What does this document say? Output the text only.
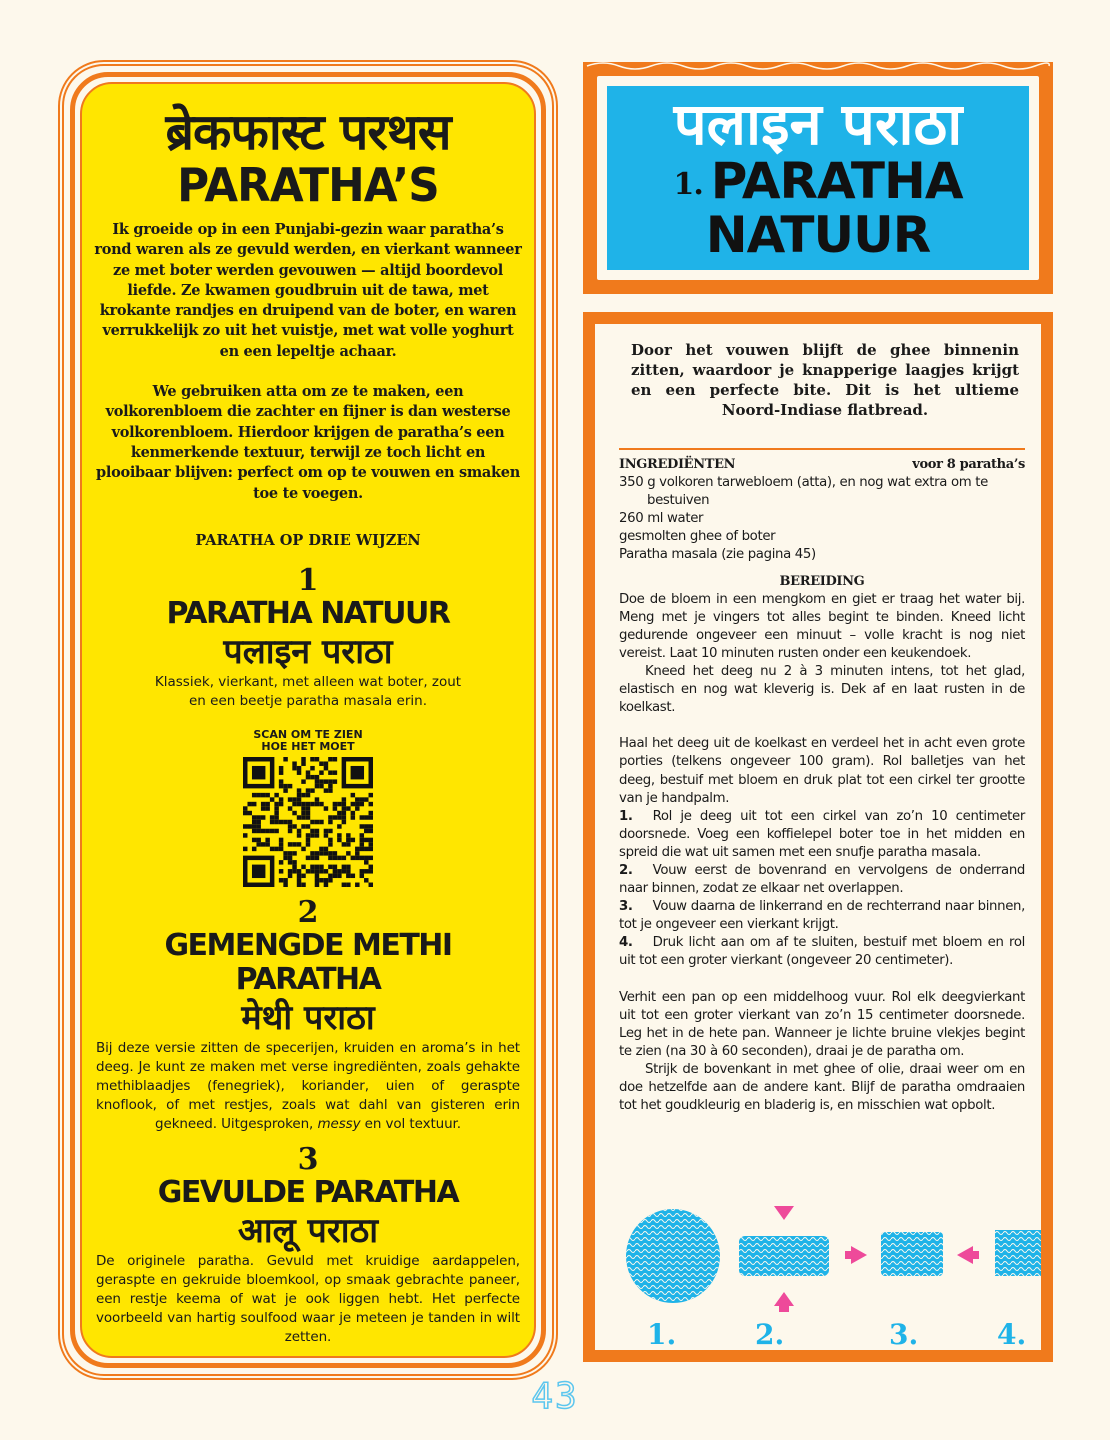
ब्रेकफास्ट परथस
PARATHA’S

Ik groeide op in een Punjabi-gezin waar paratha’s rond waren als ze gevuld werden, en vierkant wanneer ze met boter werden gevouwen — altijd boordevol liefde. Ze kwamen goudbruin uit de tawa, met krokante randjes en druipend van de boter, en waren verrukkelijk zo uit het vuistje, met wat volle yoghurt en een lepeltje achaar.

We gebruiken atta om ze te maken, een volkorenbloem die zachter en fijner is dan westerse volkorenbloem. Hierdoor krijgen de paratha’s een kenmerkende textuur, terwijl ze toch licht en plooibaar blijven: perfect om op te vouwen en smaken toe te voegen.

PARATHA OP DRIE WIJZEN
1
PARATHA NATUUR
पलाइन पराठा
Klassiek, vierkant, met alleen wat boter, zout en een beetje paratha masala erin.
SCAN OM TE ZIEN
HOE HET MOET
2
GEMENGDE METHI PARATHA
मेथी पराठा
Bij deze versie zitten de specerijen, kruiden en aroma’s in het deeg. Je kunt ze maken met verse ingrediënten, zoals gehakte methiblaadjes (fenegriek), koriander, uien of geraspte knoflook, of met restjes, zoals wat dahl van gisteren erin gekneed. Uitgesproken, messy en vol textuur.
3
GEVULDE PARATHA
आलू पराठा
De originele paratha. Gevuld met kruidige aardappelen, geraspte en gekruide bloemkool, op smaak gebrachte paneer, een restje keema of wat je ook liggen hebt. Het perfecte voorbeeld van hartig soulfood waar je meteen je tanden in wilt zetten.
पलाइन पराठा
1. PARATHA
NATUUR
Door het vouwen blijft de ghee binnenin zitten, waardoor je knapperige laagjes krijgt en een perfecte bite. Dit is het ultieme Noord-Indiase flatbread.
INGREDIËNTEN	voor 8 paratha’s
350 g volkoren tarwebloem (atta), en nog wat extra om te bestuiven
260 ml water
gesmolten ghee of boter
Paratha masala (zie pagina 45)
BEREIDING

Doe de bloem in een mengkom en giet er traag het water bij. Meng met je vingers tot alles begint te binden. Kneed licht gedurende ongeveer een minuut – volle kracht is nog niet vereist. Laat 10 minuten rusten onder een keukendoek.

Kneed het deeg nu 2 à 3 minuten intens, tot het glad, elastisch en nog wat kleverig is. Dek af en laat rusten in de koelkast.

Haal het deeg uit de koelkast en verdeel het in acht even grote porties (telkens ongeveer 100 gram). Rol balletjes van het deeg, bestuif met bloem en druk plat tot een cirkel ter grootte van je handpalm.

1. Rol je deeg uit tot een cirkel van zo’n 10 centimeter doorsnede. Voeg een koffielepel boter toe in het midden en spreid die wat uit samen met een snufje paratha masala.

2. Vouw eerst de bovenrand en vervolgens de onderrand naar binnen, zodat ze elkaar net overlappen.

3. Vouw daarna de linkerrand en de rechterrand naar binnen, tot je ongeveer een vierkant krijgt.

4. Druk licht aan om af te sluiten, bestuif met bloem en rol uit tot een groter vierkant (ongeveer 20 centimeter).

Verhit een pan op een middelhoog vuur. Rol elk deegvierkant uit tot een groter vierkant van zo’n 15 centimeter doorsnede. Leg het in de hete pan. Wanneer je lichte bruine vlekjes begint te zien (na 30 à 60 seconden), draai je de paratha om.

Strijk de bovenkant in met ghee of olie, draai weer om en doe hetzelfde aan de andere kant. Blijf de paratha omdraaien tot het goudkleurig en bladerig is, en misschien wat opbolt.

1.	2.	3.	4.
43
